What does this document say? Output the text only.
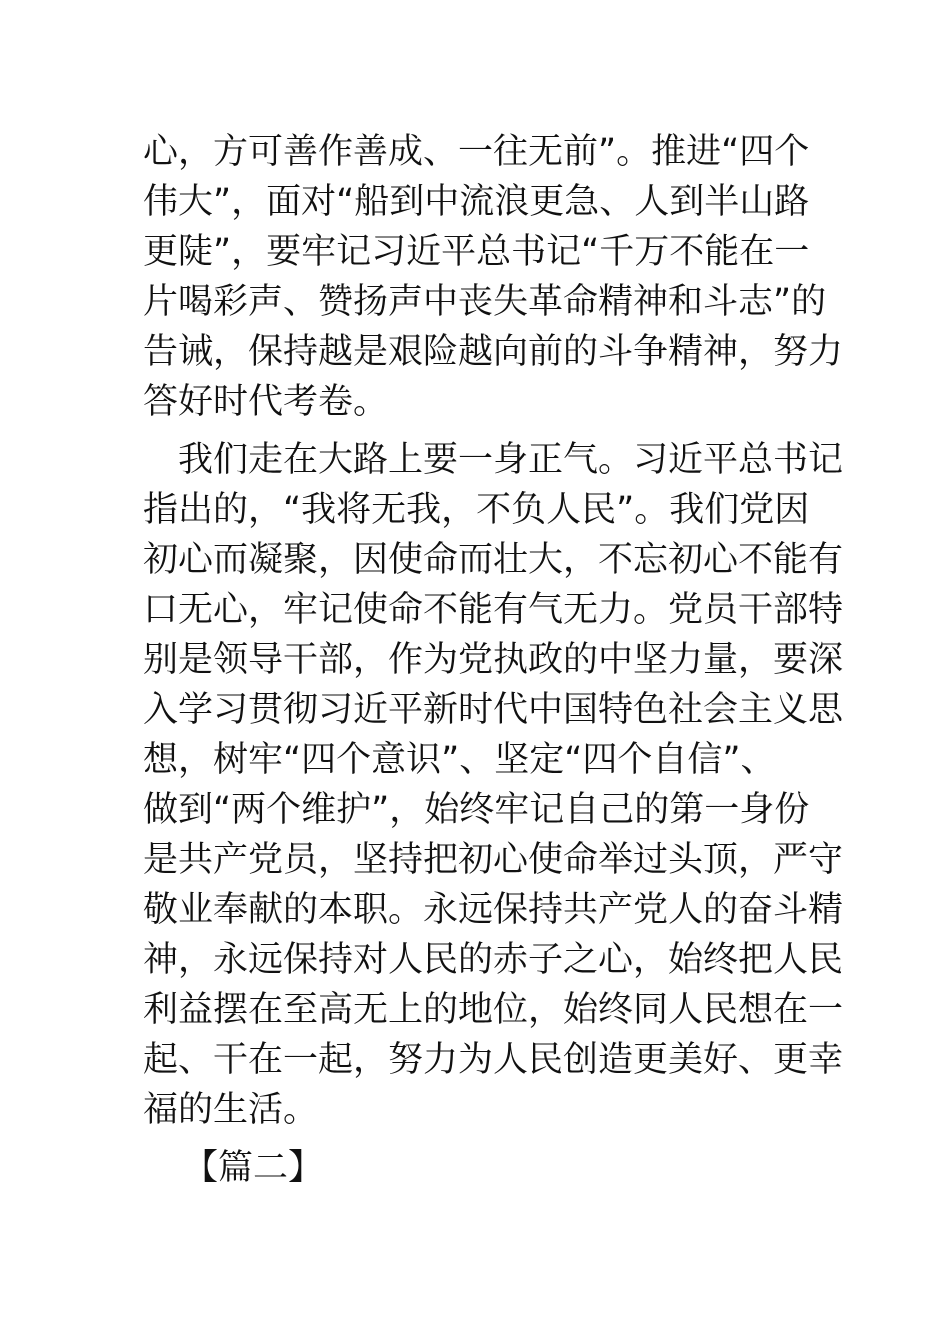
心，方可善作善成、一往无前”。推进“四个
伟大”，面对“船到中流浪更急、人到半山路
更陡”，要牢记习近平总书记“千万不能在一
片喝彩声、赞扬声中丧失革命精神和斗志”的
告诫，保持越是艰险越向前的斗争精神，努力
答好时代考卷。
　我们走在大路上要一身正气。习近平总书记
指出的，“我将无我，不负人民”。我们党因
初心而凝聚，因使命而壮大，不忘初心不能有
口无心，牢记使命不能有气无力。党员干部特
别是领导干部，作为党执政的中坚力量，要深
入学习贯彻习近平新时代中国特色社会主义思
想，树牢“四个意识”、坚定“四个自信”、
做到“两个维护”，始终牢记自己的第一身份
是共产党员，坚持把初心使命举过头顶，严守
敬业奉献的本职。永远保持共产党人的奋斗精
神，永远保持对人民的赤子之心，始终把人民
利益摆在至高无上的地位，始终同人民想在一
起、干在一起，努力为人民创造更美好、更幸
福的生活。
【篇二】
